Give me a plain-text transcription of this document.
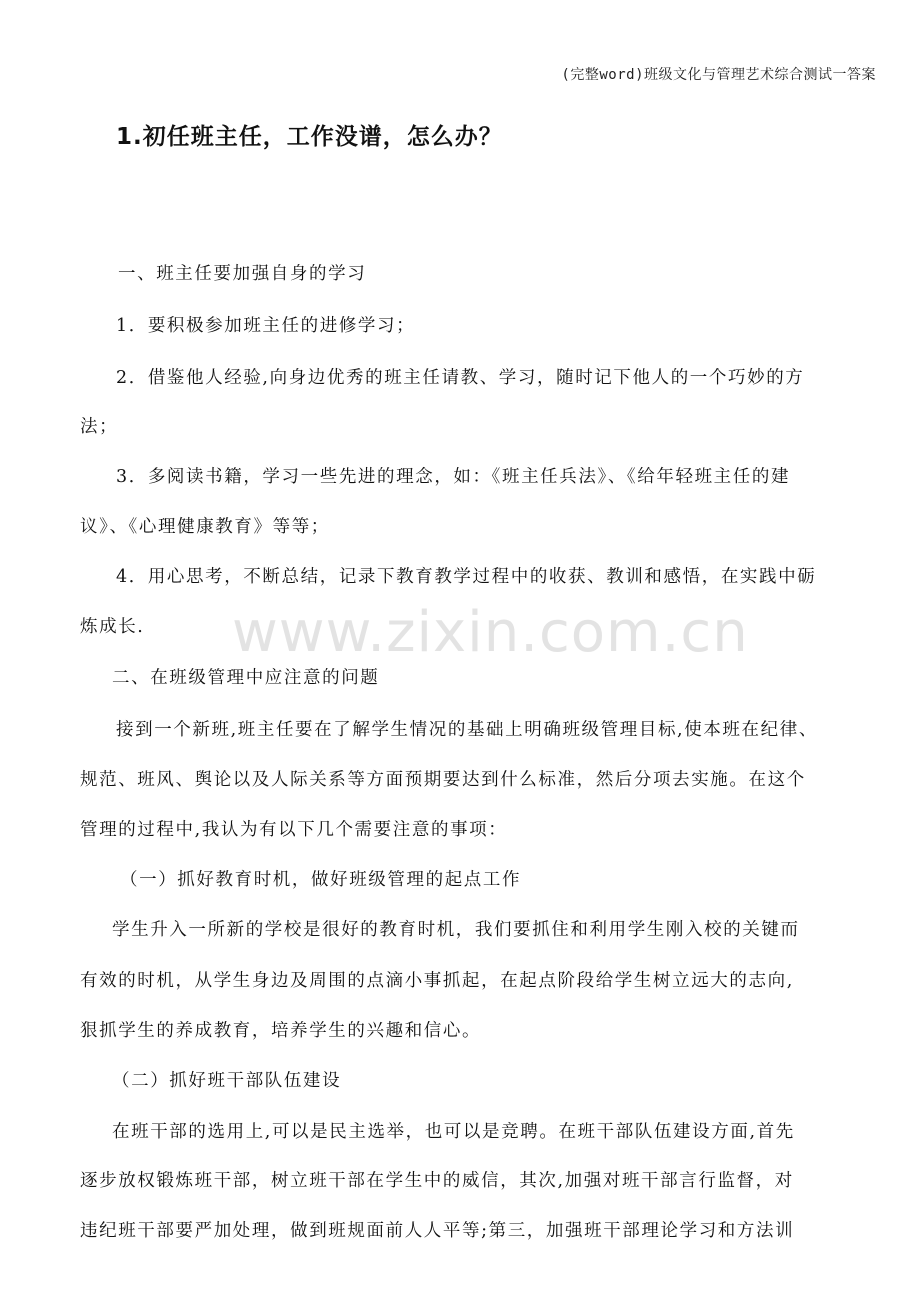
(完整word)班级文化与管理艺术综合测试一答案
1.初任班主任，工作没谱，怎么办？
www.zixin.com.cn
一、班主任要加强自身的学习
1．要积极参加班主任的进修学习；
2．借鉴他人经验,向身边优秀的班主任请教、学习，随时记下他人的一个巧妙的方
法；
3．多阅读书籍，学习一些先进的理念，如：《班主任兵法》、《给年轻班主任的建
议》、《心理健康教育》等等；
4．用心思考，不断总结，记录下教育教学过程中的收获、教训和感悟，在实践中砺
炼成长.
二、在班级管理中应注意的问题
接到一个新班,班主任要在了解学生情况的基础上明确班级管理目标,使本班在纪律、
规范、班风、舆论以及人际关系等方面预期要达到什么标准，然后分项去实施。在这个
管理的过程中,我认为有以下几个需要注意的事项：
（一）抓好教育时机，做好班级管理的起点工作
学生升入一所新的学校是很好的教育时机，我们要抓住和利用学生刚入校的关键而
有效的时机，从学生身边及周围的点滴小事抓起，在起点阶段给学生树立远大的志向,
狠抓学生的养成教育，培养学生的兴趣和信心。
（二）抓好班干部队伍建设
在班干部的选用上,可以是民主选举，也可以是竞聘。在班干部队伍建设方面,首先
逐步放权锻炼班干部，树立班干部在学生中的威信，其次,加强对班干部言行监督，对
违纪班干部要严加处理，做到班规面前人人平等;第三，加强班干部理论学习和方法训
